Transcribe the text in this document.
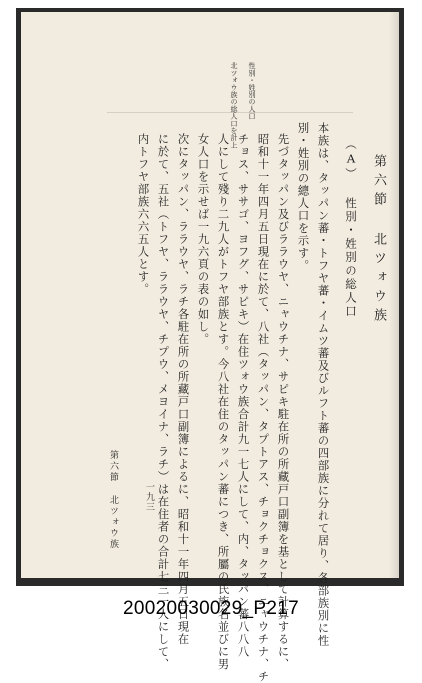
第六節 北ツォウ族
性別・姓別の人口
北ツォウ族の総人口を計上
（A） 性別・姓別の総人口
本族は、タッパン蕃・トフヤ蕃・イムツ蕃及びルフト蕃の四部族に分れて居り、各部族別に性
別・姓別の總人口を示す。
先づタッパン及びララウヤ、ニャウチナ、サピキ駐在所の所藏戸口副簿を基として計算するに、
昭和十一年四月五日現在に於て、八社（タッパン、タプトアス、チョクチョクス、ニャウチナ、チ
チョス、ササゴ、ヨフグ、サピキ）在住ツォウ族合計九一七人にして、内、タッパン蕃八八八
人にして殘り二九人がトフヤ部族とす。今八社在住のタッパン蕃につき、所屬の氏族名並びに男
女人口を示せば一九六頁の表の如し。
次にタッパン、ララウヤ、ラチ各駐在所の所藏戸口副簿によるに、昭和十一年四月五日現在
に於て、五社（トフヤ、ララウヤ、チプウ、メヨイナ、ラチ）は在住者の合計七三一人にして、
内トフヤ部族六六五人とす。
第六節 北ツォウ族	一九三
20020030029_P217
